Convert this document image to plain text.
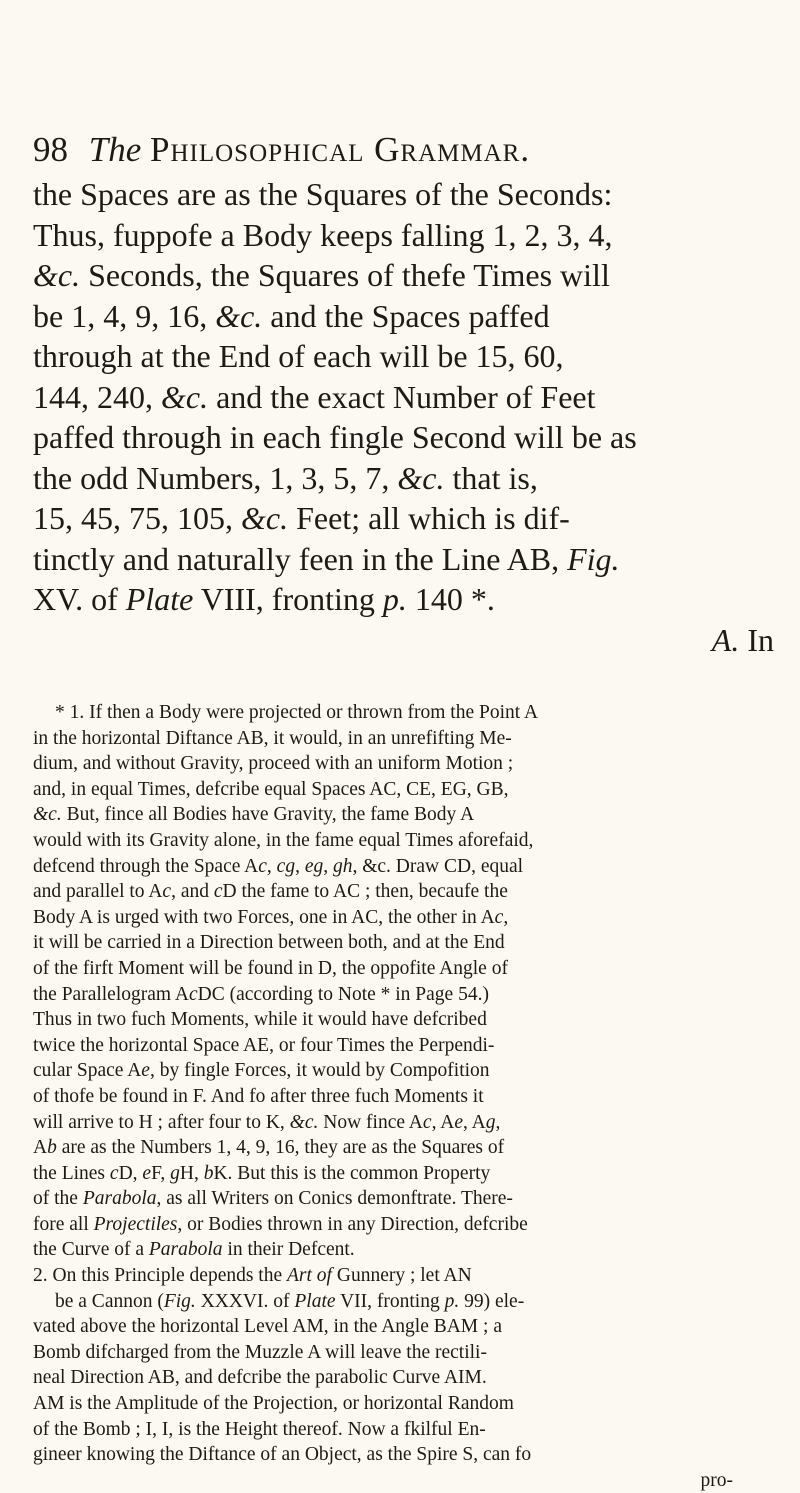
98 The Philosophical Grammar.
the Spaces are as the Squares of the Seconds:
Thus, fuppofe a Body keeps falling 1, 2, 3, 4,
&c. Seconds, the Squares of thefe Times will
be 1, 4, 9, 16, &c. and the Spaces paffed
through at the End of each will be 15, 60,
144, 240, &c. and the exact Number of Feet
paffed through in each fingle Second will be as
the odd Numbers, 1, 3, 5, 7, &c. that is,
15, 45, 75, 105, &c. Feet; all which is dif-
tinctly and naturally feen in the Line AB, Fig.
XV. of Plate VIII, fronting p. 140 *.
A. In
* 1. If then a Body were projected or thrown from the Point A
in the horizontal Diftance AB, it would, in an unrefifting Me-
dium, and without Gravity, proceed with an uniform Motion ;
and, in equal Times, defcribe equal Spaces AC, CE, EG, GB,
&c. But, fince all Bodies have Gravity, the fame Body A
would with its Gravity alone, in the fame equal Times aforefaid,
defcend through the Space Ac, cg, eg, gh, &c. Draw CD, equal
and parallel to Ac, and cD the fame to AC ; then, becaufe the
Body A is urged with two Forces, one in AC, the other in Ac,
it will be carried in a Direction between both, and at the End
of the firft Moment will be found in D, the oppofite Angle of
the Parallelogram AcDC (according to Note * in Page 54.)
Thus in two fuch Moments, while it would have defcribed
twice the horizontal Space AE, or four Times the Perpendi-
cular Space Ae, by fingle Forces, it would by Compofition
of thofe be found in F. And fo after three fuch Moments it
will arrive to H ; after four to K, &c. Now fince Ac, Ae, Ag,
Ab are as the Numbers 1, 4, 9, 16, they are as the Squares of
the Lines cD, eF, gH, bK. But this is the common Property
of the Parabola, as all Writers on Conics demonftrate. There-
fore all Projectiles, or Bodies thrown in any Direction, defcribe
the Curve of a Parabola in their Defcent.
2. On this Principle depends the Art of Gunnery ; let AN
be a Cannon (Fig. XXXVI. of Plate VII, fronting p. 99) ele-
vated above the horizontal Level AM, in the Angle BAM ; a
Bomb difcharged from the Muzzle A will leave the rectili-
neal Direction AB, and defcribe the parabolic Curve AIM.
AM is the Amplitude of the Projection, or horizontal Random
of the Bomb ; I, I, is the Height thereof. Now a fkilful En-
gineer knowing the Diftance of an Object, as the Spire S, can fo
pro-
